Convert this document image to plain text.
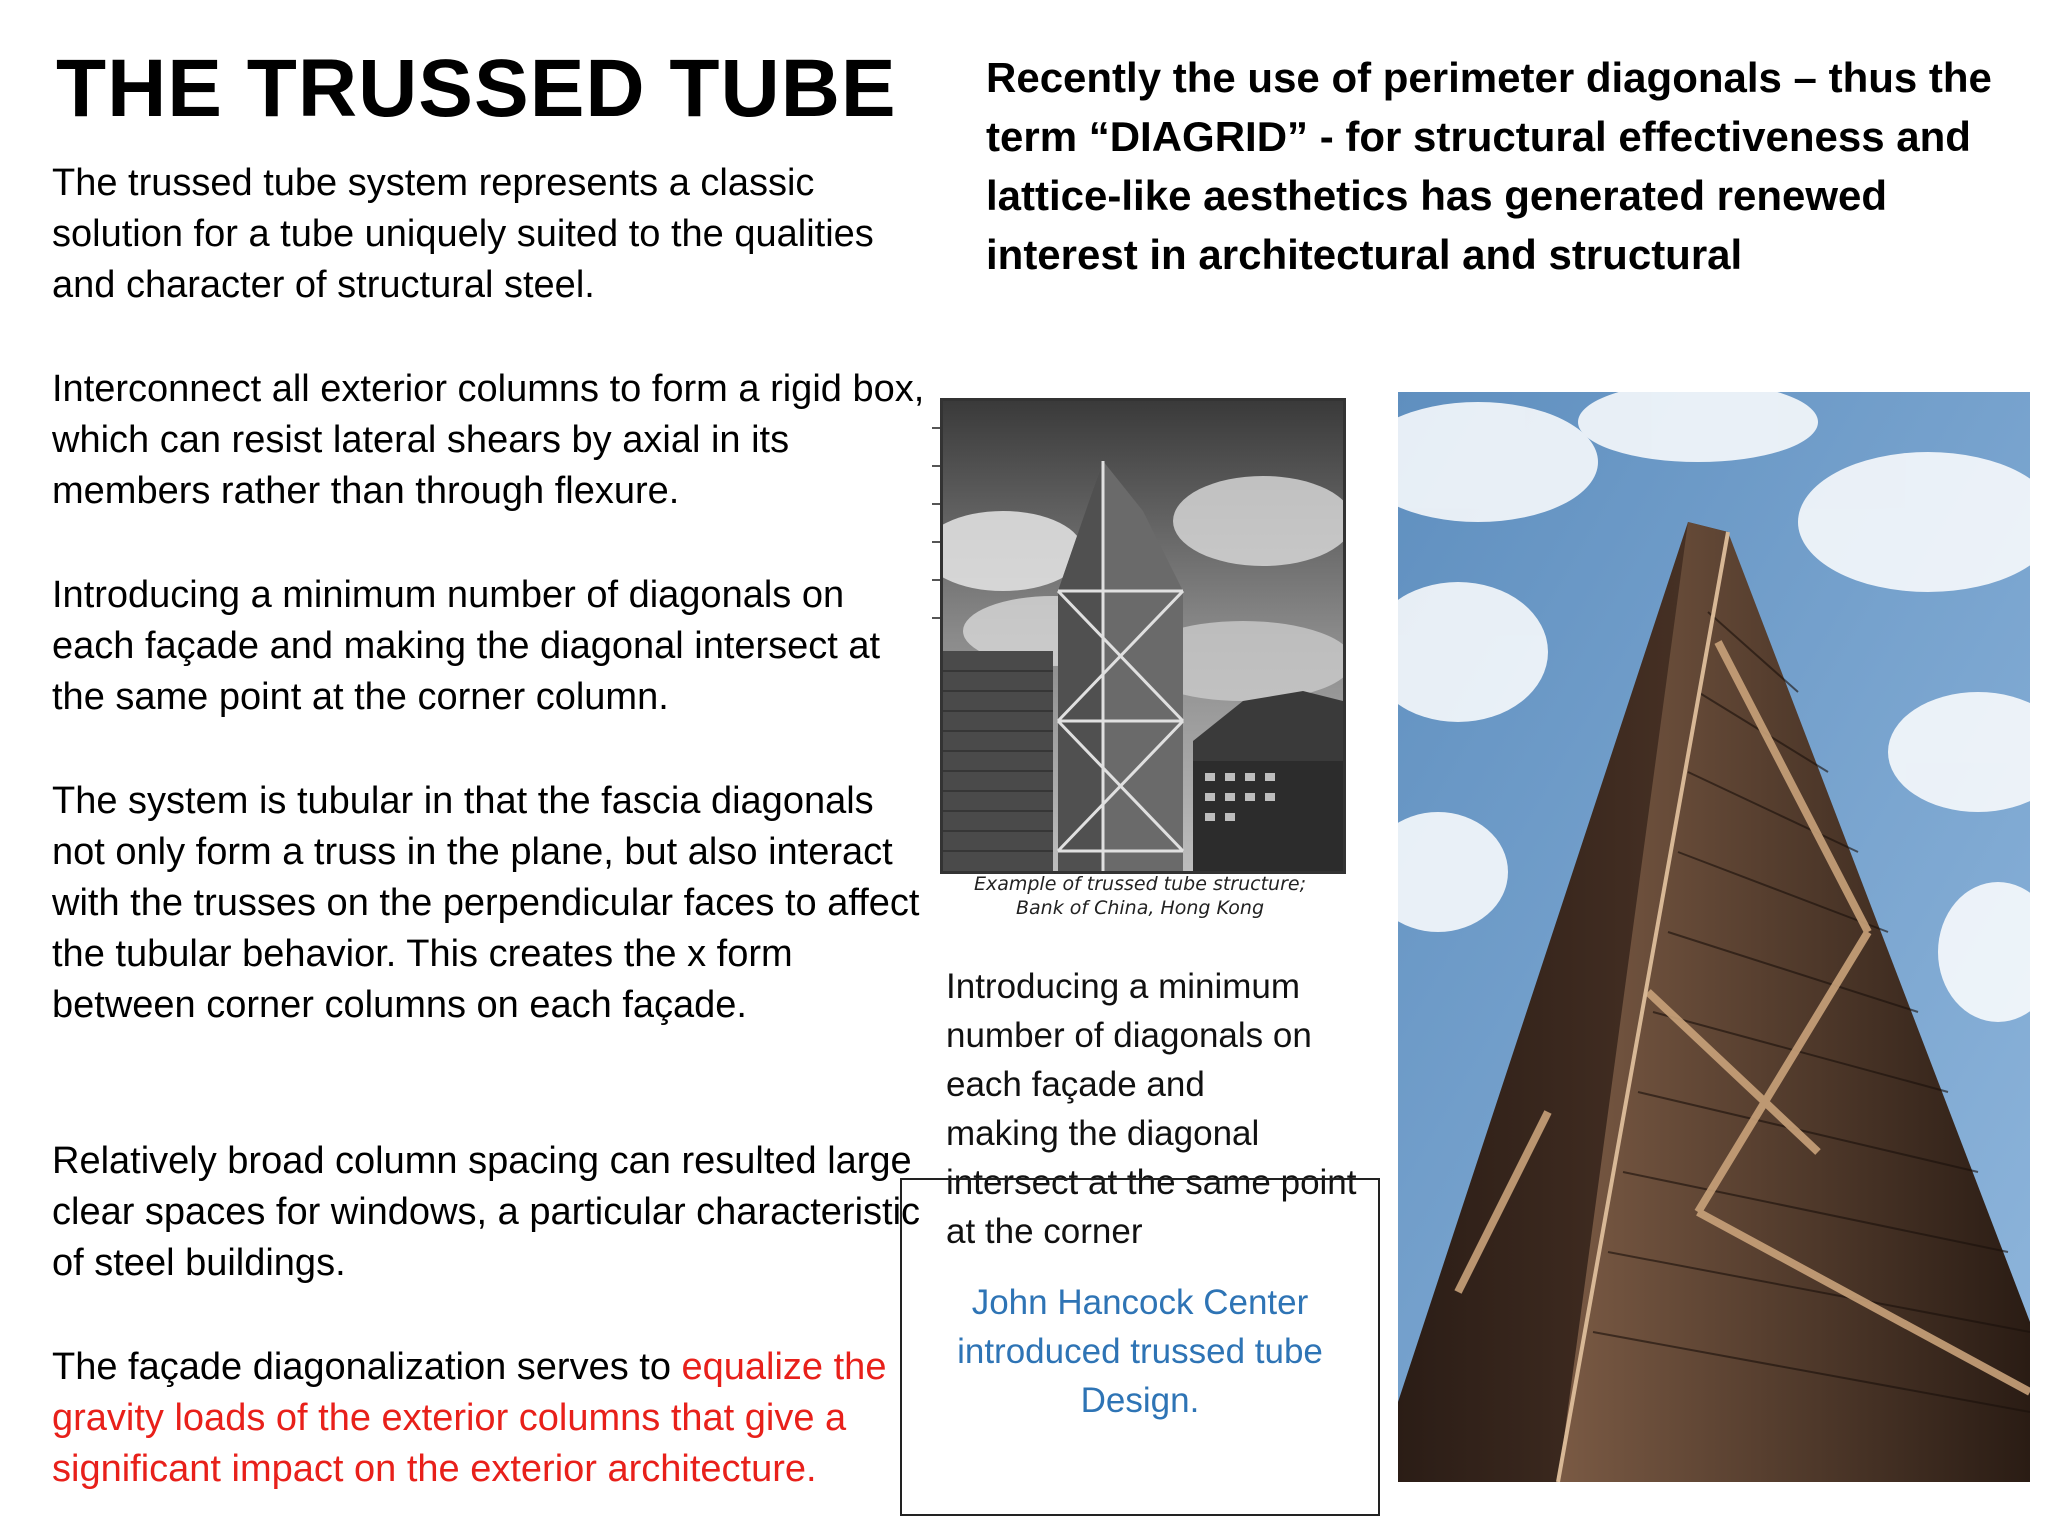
THE TRUSSED TUBE
The trussed tube system represents a classic solution for a tube uniquely suited to the qualities and character of structural steel.
Interconnect all exterior columns to form a rigid box, which can resist lateral shears by axial in its members rather than through flexure.
Introducing a minimum number of diagonals on each façade and making the diagonal intersect at the same point at the corner column.
The system is tubular in that the fascia diagonals not only form a truss in the plane, but also interact with the trusses on the perpendicular faces to affect the tubular behavior. This creates the x form between corner columns on each façade.
Relatively broad column spacing can resulted large clear spaces for windows, a particular characteristic of steel buildings.
The façade diagonalization serves to equalize the gravity loads of the exterior columns that give a significant impact on the exterior architecture.
Recently the use of perimeter diagonals – thus the term “DIAGRID” - for structural effectiveness and lattice-like aesthetics has generated renewed interest in architectural and structural
Example of trussed tube structure;
Bank of China, Hong Kong
Introducing a minimum
number of diagonals on
each façade and
making the diagonal
intersect at the same point
at the corner
John Hancock Center
introduced trussed tube
Design.
